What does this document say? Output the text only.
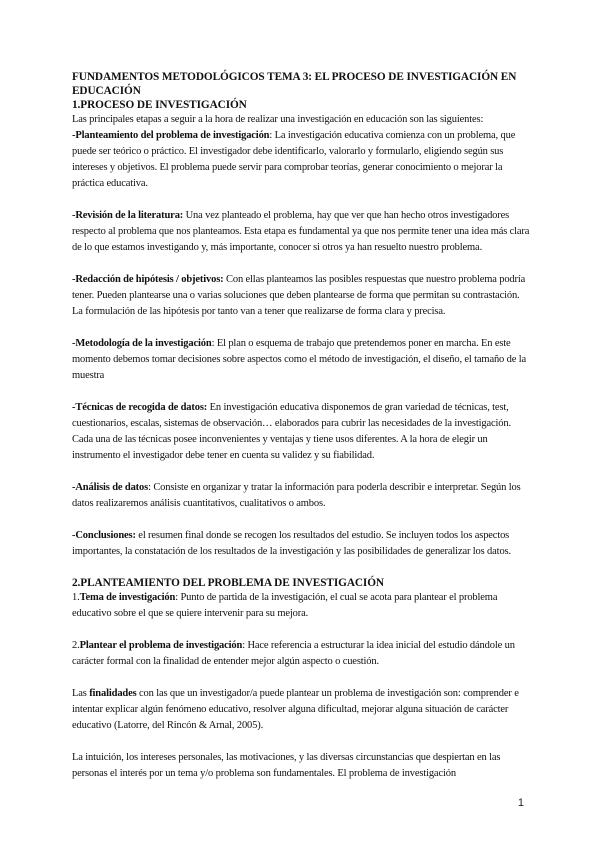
FUNDAMENTOS METODOLÓGICOS TEMA 3: EL PROCESO DE INVESTIGACIÓN EN EDUCACIÓN

1.PROCESO DE INVESTIGACIÓN

Las principales etapas a seguir a la hora de realizar una investigación en educación son las siguientes:

-Planteamiento del problema de investigación: La investigación educativa comienza con un problema, que puede ser teórico o práctico. El investigador debe identificarlo, valorarlo y formularlo, eligiendo según sus intereses y objetivos. El problema puede servir para comprobar teorías, generar conocimiento o mejorar la práctica educativa.

-Revisión de la literatura: Una vez planteado el problema, hay que ver que han hecho otros investigadores respecto al problema que nos planteamos. Esta etapa es fundamental ya que nos permite tener una idea más clara de lo que estamos investigando y, más importante, conocer si otros ya han resuelto nuestro problema.

-Redacción de hipótesis / objetivos: Con ellas planteamos las posibles respuestas que nuestro problema podría tener. Pueden plantearse una o varias soluciones que deben plantearse de forma que permitan su contrastación. La formulación de las hipótesis por tanto van a tener que realizarse de forma clara y precisa.

-Metodología de la investigación: El plan o esquema de trabajo que pretendemos poner en marcha. En este momento debemos tomar decisiones sobre aspectos como el método de investigación, el diseño, el tamaño de la muestra

-Técnicas de recogida de datos: En investigación educativa disponemos de gran variedad de técnicas, test, cuestionarios, escalas, sistemas de observación… elaborados para cubrir las necesidades de la investigación. Cada una de las técnicas posee inconvenientes y ventajas y tiene usos diferentes. A la hora de elegir un instrumento el investigador debe tener en cuenta su validez y su fiabilidad.

-Análisis de datos: Consiste en organizar y tratar la información para poderla describir e interpretar. Según los datos realizaremos análisis cuantitativos, cualitativos o ambos.

-Conclusiones: el resumen final donde se recogen los resultados del estudio. Se incluyen todos los aspectos importantes, la constatación de los resultados de la investigación y las posibilidades de generalizar los datos.

2.PLANTEAMIENTO DEL PROBLEMA DE INVESTIGACIÓN

1.Tema de investigación: Punto de partida de la investigación, el cual se acota para plantear el problema educativo sobre el que se quiere intervenir para su mejora.

2.Plantear el problema de investigación: Hace referencia a estructurar la idea inicial del estudio dándole un carácter formal con la finalidad de entender mejor algún aspecto o cuestión.

Las finalidades con las que un investigador/a puede plantear un problema de investigación son: comprender e intentar explicar algún fenómeno educativo, resolver alguna dificultad, mejorar alguna situación de carácter educativo (Latorre, del Rincón & Arnal, 2005).

La intuición, los intereses personales, las motivaciones, y las diversas circunstancias que despiertan en las personas el interés por un tema y/o problema son fundamentales. El problema de investigación

1
